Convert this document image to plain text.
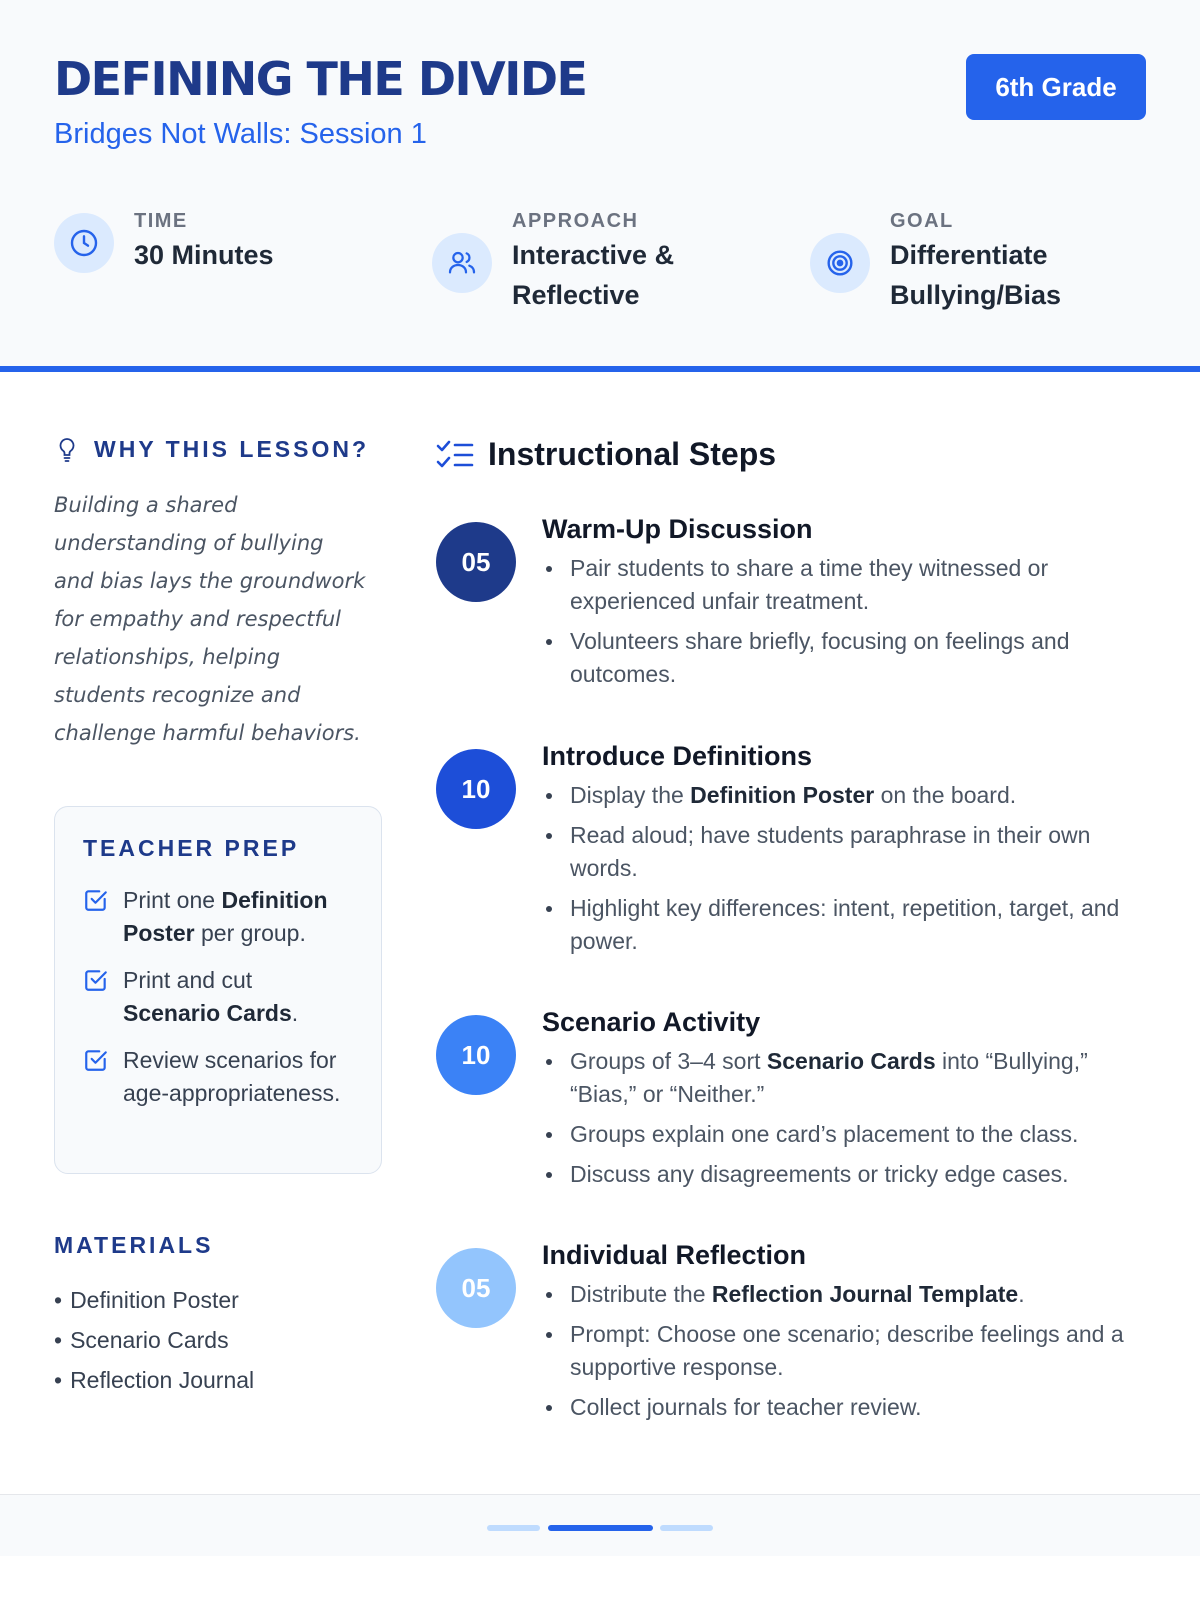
DEFINING THE DIVIDE
Bridges Not Walls: Session 1
6th Grade
TIME
30 Minutes
APPROACH
Interactive &
Reflective
GOAL
Differentiate
Bullying/Bias
WHY THIS LESSON?
Building a shared
understanding of bullying
and bias lays the groundwork
for empathy and respectful
relationships, helping
students recognize and
challenge harmful behaviors.
TEACHER PREP
Print one Definition Poster per group.
Print and cut
Scenario Cards.
Review scenarios for age-appropriateness.
MATERIALS
• Definition Poster
• Scenario Cards
• Reflection Journal
Instructional Steps
05
Warm-Up Discussion
Pair students to share a time they witnessed or experienced unfair treatment.
Volunteers share briefly, focusing on feelings and outcomes.
10
Introduce Definitions
Display the Definition Poster on the board.
Read aloud; have students paraphrase in their own words.
Highlight key differences: intent, repetition, target, and power.
10
Scenario Activity
Groups of 3–4 sort Scenario Cards into “Bullying,” “Bias,” or “Neither.”
Groups explain one card’s placement to the class.
Discuss any disagreements or tricky edge cases.
05
Individual Reflection
Distribute the Reflection Journal Template.
Prompt: Choose one scenario; describe feelings and a supportive response.
Collect journals for teacher review.
